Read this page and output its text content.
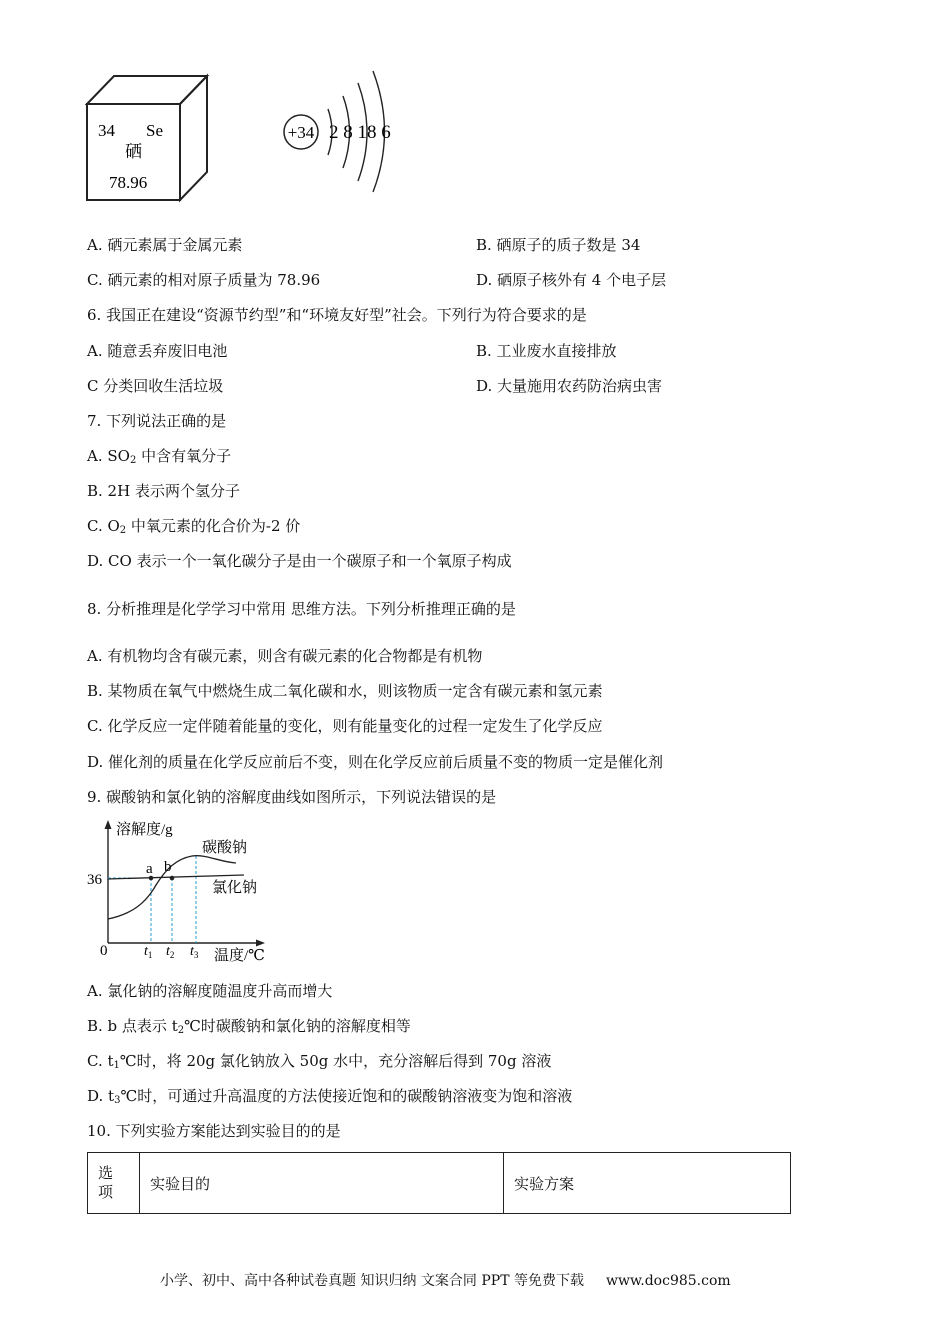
34 Se
硒
78.96
+34 2 8 18 6
A. 硒元素属于金属元素	B. 硒原子的质子数是 34
C. 硒元素的相对原子质量为 78.96	D. 硒原子核外有 4 个电子层
6. 我国正在建设“资源节约型”和“环境友好型”社会。下列行为符合要求的是
A. 随意丢弃废旧电池	B. 工业废水直接排放
C 分类回收生活垃圾	D. 大量施用农药防治病虫害
7. 下列说法正确的是
A. $SO_2$ 中含有氧分子
B. 2H 表示两个氢分子
C. $O_2$ 中氧元素的化合价为-2 价
D. CO 表示一个一氧化碳分子是由一个碳原子和一个氧原子构成
8. 分析推理是化学学习中常用 思维方法。下列分析推理正确的是
A. 有机物均含有碳元素，则含有碳元素的化合物都是有机物
B. 某物质在氧气中燃烧生成二氧化碳和水，则该物质一定含有碳元素和氢元素
C. 化学反应一定伴随着能量的变化，则有能量变化的过程一定发生了化学反应
D. 催化剂的质量在化学反应前后不变，则在化学反应前后质量不变的物质一定是催化剂
9. 碳酸钠和氯化钠的溶解度曲线如图所示，下列说法错误的是
溶解度/g
36
0
a b
碳酸钠
氯化钠
$t_1$ $t_2$ $t_3$ 温度/℃
A. 氯化钠的溶解度随温度升高而增大
B. b 点表示 $t_2℃$时碳酸钠和氯化钠的溶解度相等
C. $t_1℃$时，将 20g 氯化钠放入 50g 水中，充分溶解后得到 70g 溶液
D. $t_3℃$时，可通过升高温度的方法使接近饱和的碳酸钠溶液变为饱和溶液
10. 下列实验方案能达到实验目的的是
选
项	实验目的	实验方案
小学、初中、高中各种试卷真题 知识归纳 文案合同 PPT 等免费下载 www.doc985.com
